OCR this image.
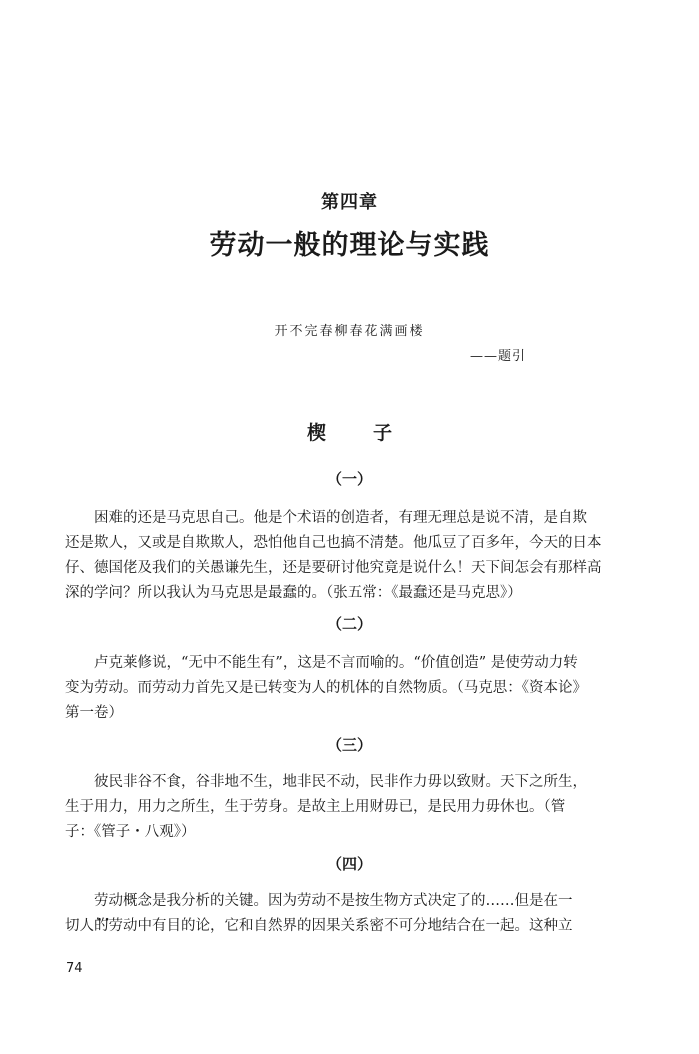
第四章
劳动一般的理论与实践
开不完春柳春花满画楼
——题引
楔　子
（一）
困难的还是马克思自己。他是个术语的创造者，有理无理总是说不清，是自欺
还是欺人，又或是自欺欺人，恐怕他自己也搞不清楚。他瓜豆了百多年，今天的日本
仔、德国佬及我们的关愚谦先生，还是要研讨他究竟是说什么！天下间怎会有那样高
深的学问？所以我认为马克思是最蠢的。（张五常：《最蠢还是马克思》）
（二）
卢克莱修说，“无中不能生有”，这是不言而喻的。“价值创造” 是使劳动力转
变为劳动。而劳动力首先又是已转变为人的机体的自然物质。（马克思：《资本论》
第一卷）
（三）
彼民非谷不食，谷非地不生，地非民不动，民非作力毋以致财。天下之所生，
生于用力，用力之所生，生于劳身。是故主上用财毋已，是民用力毋休也。（管
子：《管子・八观》）
（四）
劳动 · ·概念是我分析的关键。因为劳动不是按生物方式决定了的……但是在一
切人的劳动中有目的论，它和自然界的因果关系密不可分地结合在一起。这种立
74
